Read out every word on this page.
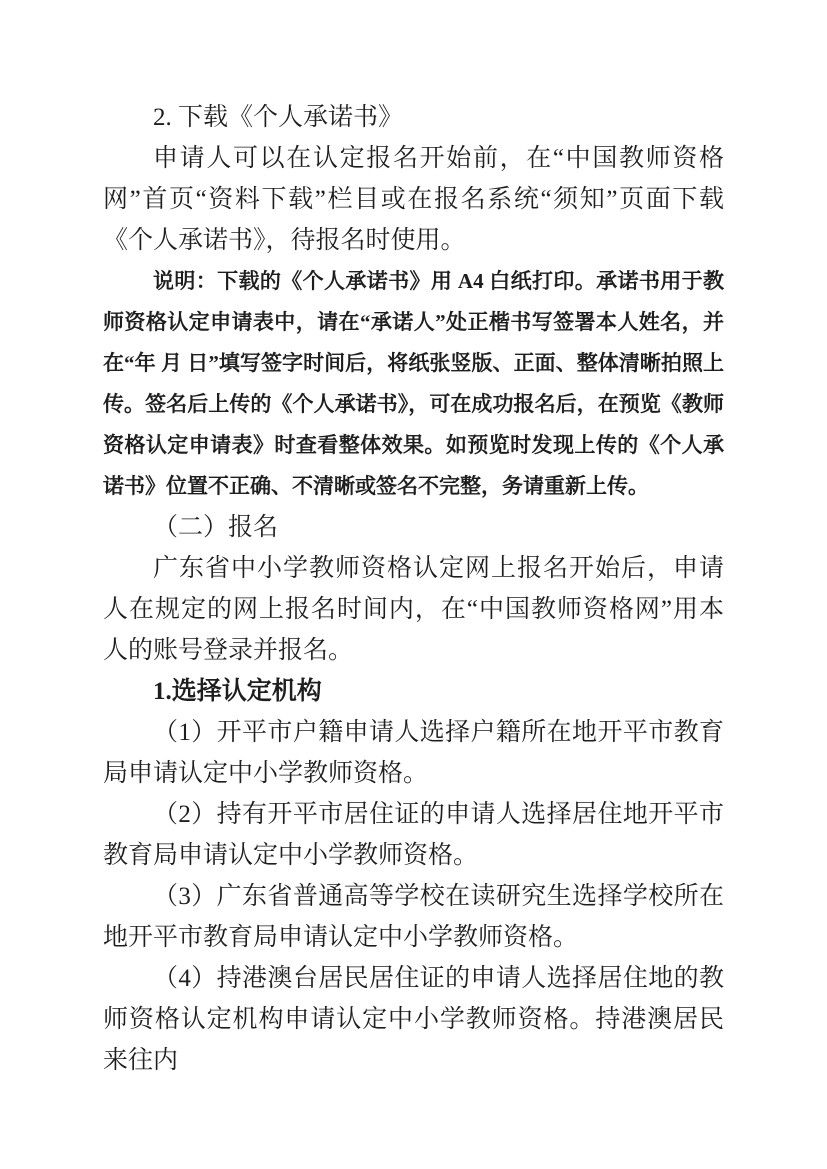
2. 下载《个人承诺书》

申请人可以在认定报名开始前，在“中国教师资格网”首页“资料下载”栏目或在报名系统“须知”页面下载《个人承诺书》，待报名时使用。

说明：下载的《个人承诺书》用 A4 白纸打印。承诺书用于教师资格认定申请表中，请在“承诺人”处正楷书写签署本人姓名，并在“年 月 日”填写签字时间后，将纸张竖版、正面、整体清晰拍照上传。签名后上传的《个人承诺书》，可在成功报名后，在预览《教师资格认定申请表》时查看整体效果。如预览时发现上传的《个人承诺书》位置不正确、不清晰或签名不完整，务请重新上传。

（二）报名

广东省中小学教师资格认定网上报名开始后，申请人在规定的网上报名时间内，在“中国教师资格网”用本人的账号登录并报名。

1.选择认定机构

（1）开平市户籍申请人选择户籍所在地开平市教育局申请认定中小学教师资格。

（2）持有开平市居住证的申请人选择居住地开平市教育局申请认定中小学教师资格。

（3）广东省普通高等学校在读研究生选择学校所在地开平市教育局申请认定中小学教师资格。

（4）持港澳台居民居住证的申请人选择居住地的教师资格认定机构申请认定中小学教师资格。持港澳居民来往内
